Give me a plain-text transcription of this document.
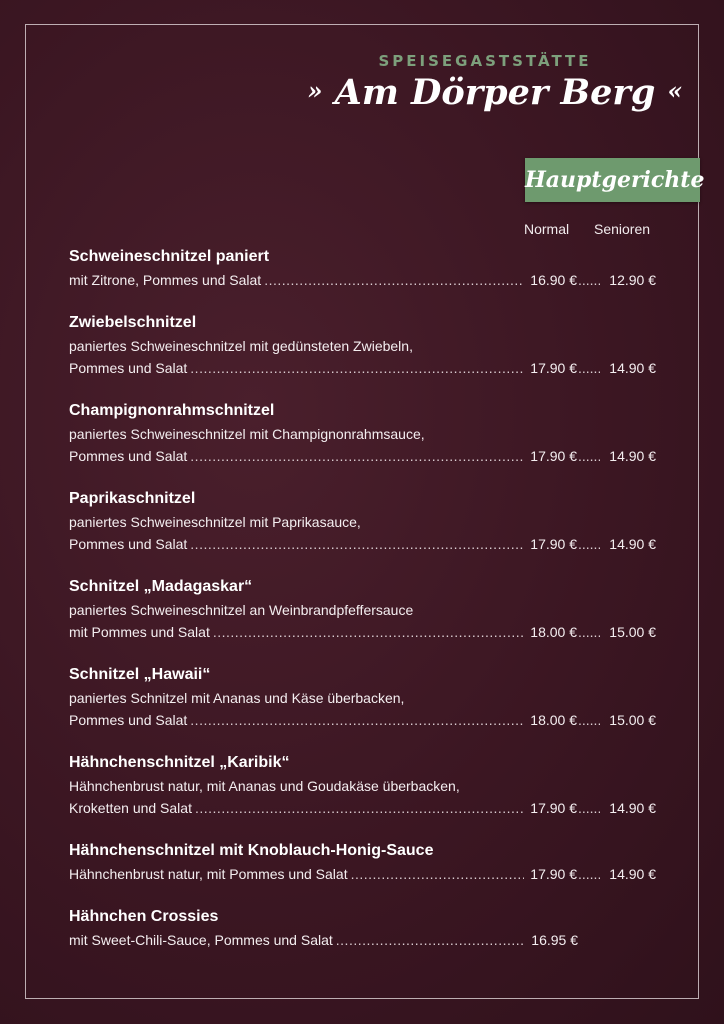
SPEISEGASTSTÄTTE
» Am Dörper Berg «
Hauptgerichte
Normal Senioren
Schweineschnitzel paniert
mit Zitrone, Pommes und Salat .....	16.90 € .....	12.90 €
Zwiebelschnitzel
paniertes Schweineschnitzel mit gedünsteten Zwiebeln,
Pommes und Salat .....	17.90 € .....	14.90 €
Champignonrahmschnitzel
paniertes Schweineschnitzel mit Champignonrahmsauce,
Pommes und Salat .....	17.90 € .....	14.90 €
Paprikaschnitzel
paniertes Schweineschnitzel mit Paprikasauce,
Pommes und Salat .....	17.90 € .....	14.90 €
Schnitzel „Madagaskar“
paniertes Schweineschnitzel an Weinbrandpfeffersauce
mit Pommes und Salat .....	18.00 € .....	15.00 €
Schnitzel „Hawaii“
paniertes Schnitzel mit Ananas und Käse überbacken,
Pommes und Salat .....	18.00 € .....	15.00 €
Hähnchenschnitzel „Karibik“
Hähnchenbrust natur, mit Ananas und Goudakäse überbacken,
Kroketten und Salat .....	17.90 € .....	14.90 €
Hähnchenschnitzel mit Knoblauch-Honig-Sauce
Hähnchenbrust natur, mit Pommes und Salat .....	17.90 € .....	14.90 €
Hähnchen Crossies
mit Sweet-Chili-Sauce, Pommes und Salat .....	16.95 €
